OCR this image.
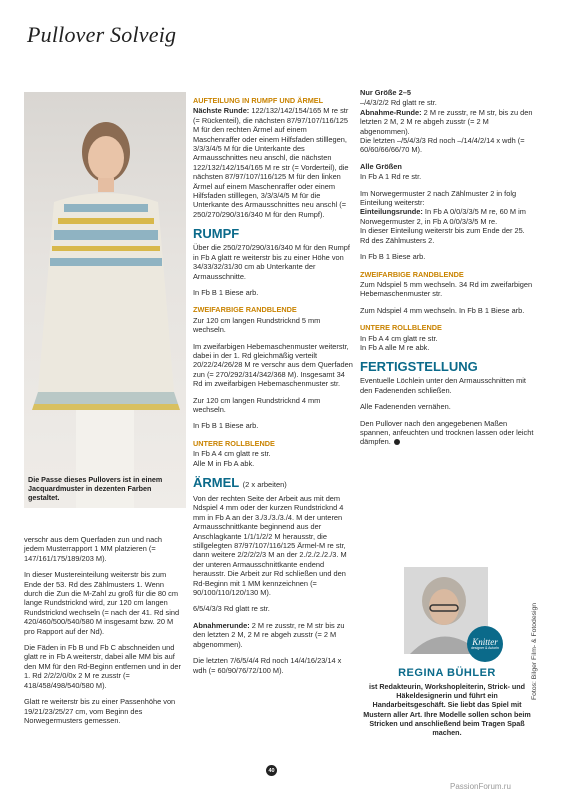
Pullover Solveig
Die Passe dieses Pullovers ist in einem Jacquardmuster in dezenten Farben gestaltet.

verschr aus dem Querfaden zun und nach jedem Musterrapport 1 MM platzieren (= 147/161/175/189/203 M).

In dieser Mustereinteilung weiterstr bis zum Ende der 53. Rd des Zählmusters 1. Wenn durch die Zun die M-Zahl zu groß für die 80 cm lange Rundstricknd wird, zur 120 cm langen Rundstricknd wechseln (= nach der 41. Rd sind 420/460/500/540/580 M insgesamt bzw. 20 M pro Rapport auf der Nd).

Die Fäden in Fb B und Fb C abschneiden und glatt re in Fb A weiterstr, dabei alle MM bis auf den MM für den Rd-Beginn entfernen und in der 1. Rd 2/2/2/0/0x 2 M re zusstr (= 418/458/498/540/580 M).

Glatt re weiterstr bis zu einer Passenhöhe von 19/21/23/25/27 cm, vom Beginn des Norwegermusters gemessen.

AUFTEILUNG IN RUMPF UND ÄRMEL

Nächste Runde: 122/132/142/154/165 M re str (= Rückenteil), die nächsten 87/97/107/116/125 M für den rechten Ärmel auf einem Maschenraffer oder einem Hilfsfaden stilllegen, 3/3/3/4/5 M für die Unterkante des Armausschnittes neu anschl, die nächsten 122/132/142/154/165 M re str (= Vorderteil), die nächsten 87/97/107/116/125 M für den linken Ärmel auf einem Maschenraffer oder einem Hilfsfaden stilllegen, 3/3/3/4/5 M für die Unterkante des Armausschnittes neu anschl (= 250/270/290/316/340 M für den Rumpf).

RUMPF

Über die 250/270/290/316/340 M für den Rumpf in Fb A glatt re weiterstr bis zu einer Höhe von 34/33/32/31/30 cm ab Unterkante der Armausschnitte.

In Fb B 1 Biese arb.

ZWEIFARBIGE RANDBLENDE

Zur 120 cm langen Rundstricknd 5 mm wechseln.

Im zweifarbigen Hebemaschenmuster weiterstr, dabei in der 1. Rd gleichmäßig verteilt 20/22/24/26/28 M re verschr aus dem Querfaden zun (= 270/292/314/342/368 M). Insgesamt 34 Rd im zweifarbigen Hebemaschenmuster str.

Zur 120 cm langen Rundstricknd 4 mm wechseln.

In Fb B 1 Biese arb.

UNTERE ROLLBLENDE

In Fb A 4 cm glatt re str.
Alle M in Fb A abk.

ÄRMEL (2 x arbeiten)

Von der rechten Seite der Arbeit aus mit dem Ndspiel 4 mm oder der kurzen Rundstricknd 4 mm in Fb A an der 3./3./3./3./4. M der unteren Armausschnittkante beginnend aus der Anschlagkante 1/1/1/2/2 M herausstr, die stillgelegten 87/97/107/116/125 Ärmel-M re str, dann weitere 2/2/2/2/3 M an der 2./2./2./2./3. M der unteren Armausschnittkante endend herausstr. Die Arbeit zur Rd schließen und den Rd-Beginn mit 1 MM kennzeichnen (= 90/100/110/120/130 M).

6/5/4/3/3 Rd glatt re str.

Abnahmerunde: 2 M re zusstr, re M str bis zu den letzten 2 M, 2 M re abgeh zusstr (= 2 M abgenommen).

Die letzten 7/6/5/4/4 Rd noch 14/4/16/23/14 x wdh (= 60/90/76/72/100 M).

Nur Größe 2–5

–/4/3/2/2 Rd glatt re str.

Abnahme-Runde: 2 M re zusstr, re M str, bis zu den letzten 2 M, 2 M re abgeh zusstr (= 2 M abgenommen).

Die letzten –/5/4/3/3 Rd noch –/14/4/2/14 x wdh (= 60/60/66/66/70 M).

Alle Größen

In Fb A 1 Rd re str.

Im Norwegermuster 2 nach Zählmuster 2 in folg Einteilung weiterstr:

Einteilungsrunde: In Fb A 0/0/3/3/5 M re, 60 M im Norwegermuster 2, in Fb A 0/0/3/3/5 M re.

In dieser Einteilung weiterstr bis zum Ende der 25. Rd des Zählmusters 2.

In Fb B 1 Biese arb.

ZWEIFARBIGE RANDBLENDE

Zum Ndspiel 5 mm wechseln. 34 Rd im zweifarbigen Hebemaschenmuster str.

Zum Ndspiel 4 mm wechseln. In Fb B 1 Biese arb.

UNTERE ROLLBLENDE

In Fb A 4 cm glatt re str.
In Fb A alle M re abk.

FERTIGSTELLUNG

Eventuelle Löchlein unter den Armausschnitten mit den Fadenenden schließen.

Alle Fadenenden vernähen.

Den Pullover nach den angegebenen Maßen spannen, anfeuchten und trocknen lassen oder leicht dämpfen.

Knitter
designer & Autorin
REGINA BÜHLER
ist Redakteurin, Workshopleiterin, Strick- und Häkeldesignerin und führt ein Handarbeitsgeschäft. Sie liebt das Spiel mit Mustern aller Art. Ihre Modelle sollen schon beim Stricken und anschließend beim Tragen Spaß machen.
Fotos: Bilger Film- & Fotodesign
40
PassionForum.ru
